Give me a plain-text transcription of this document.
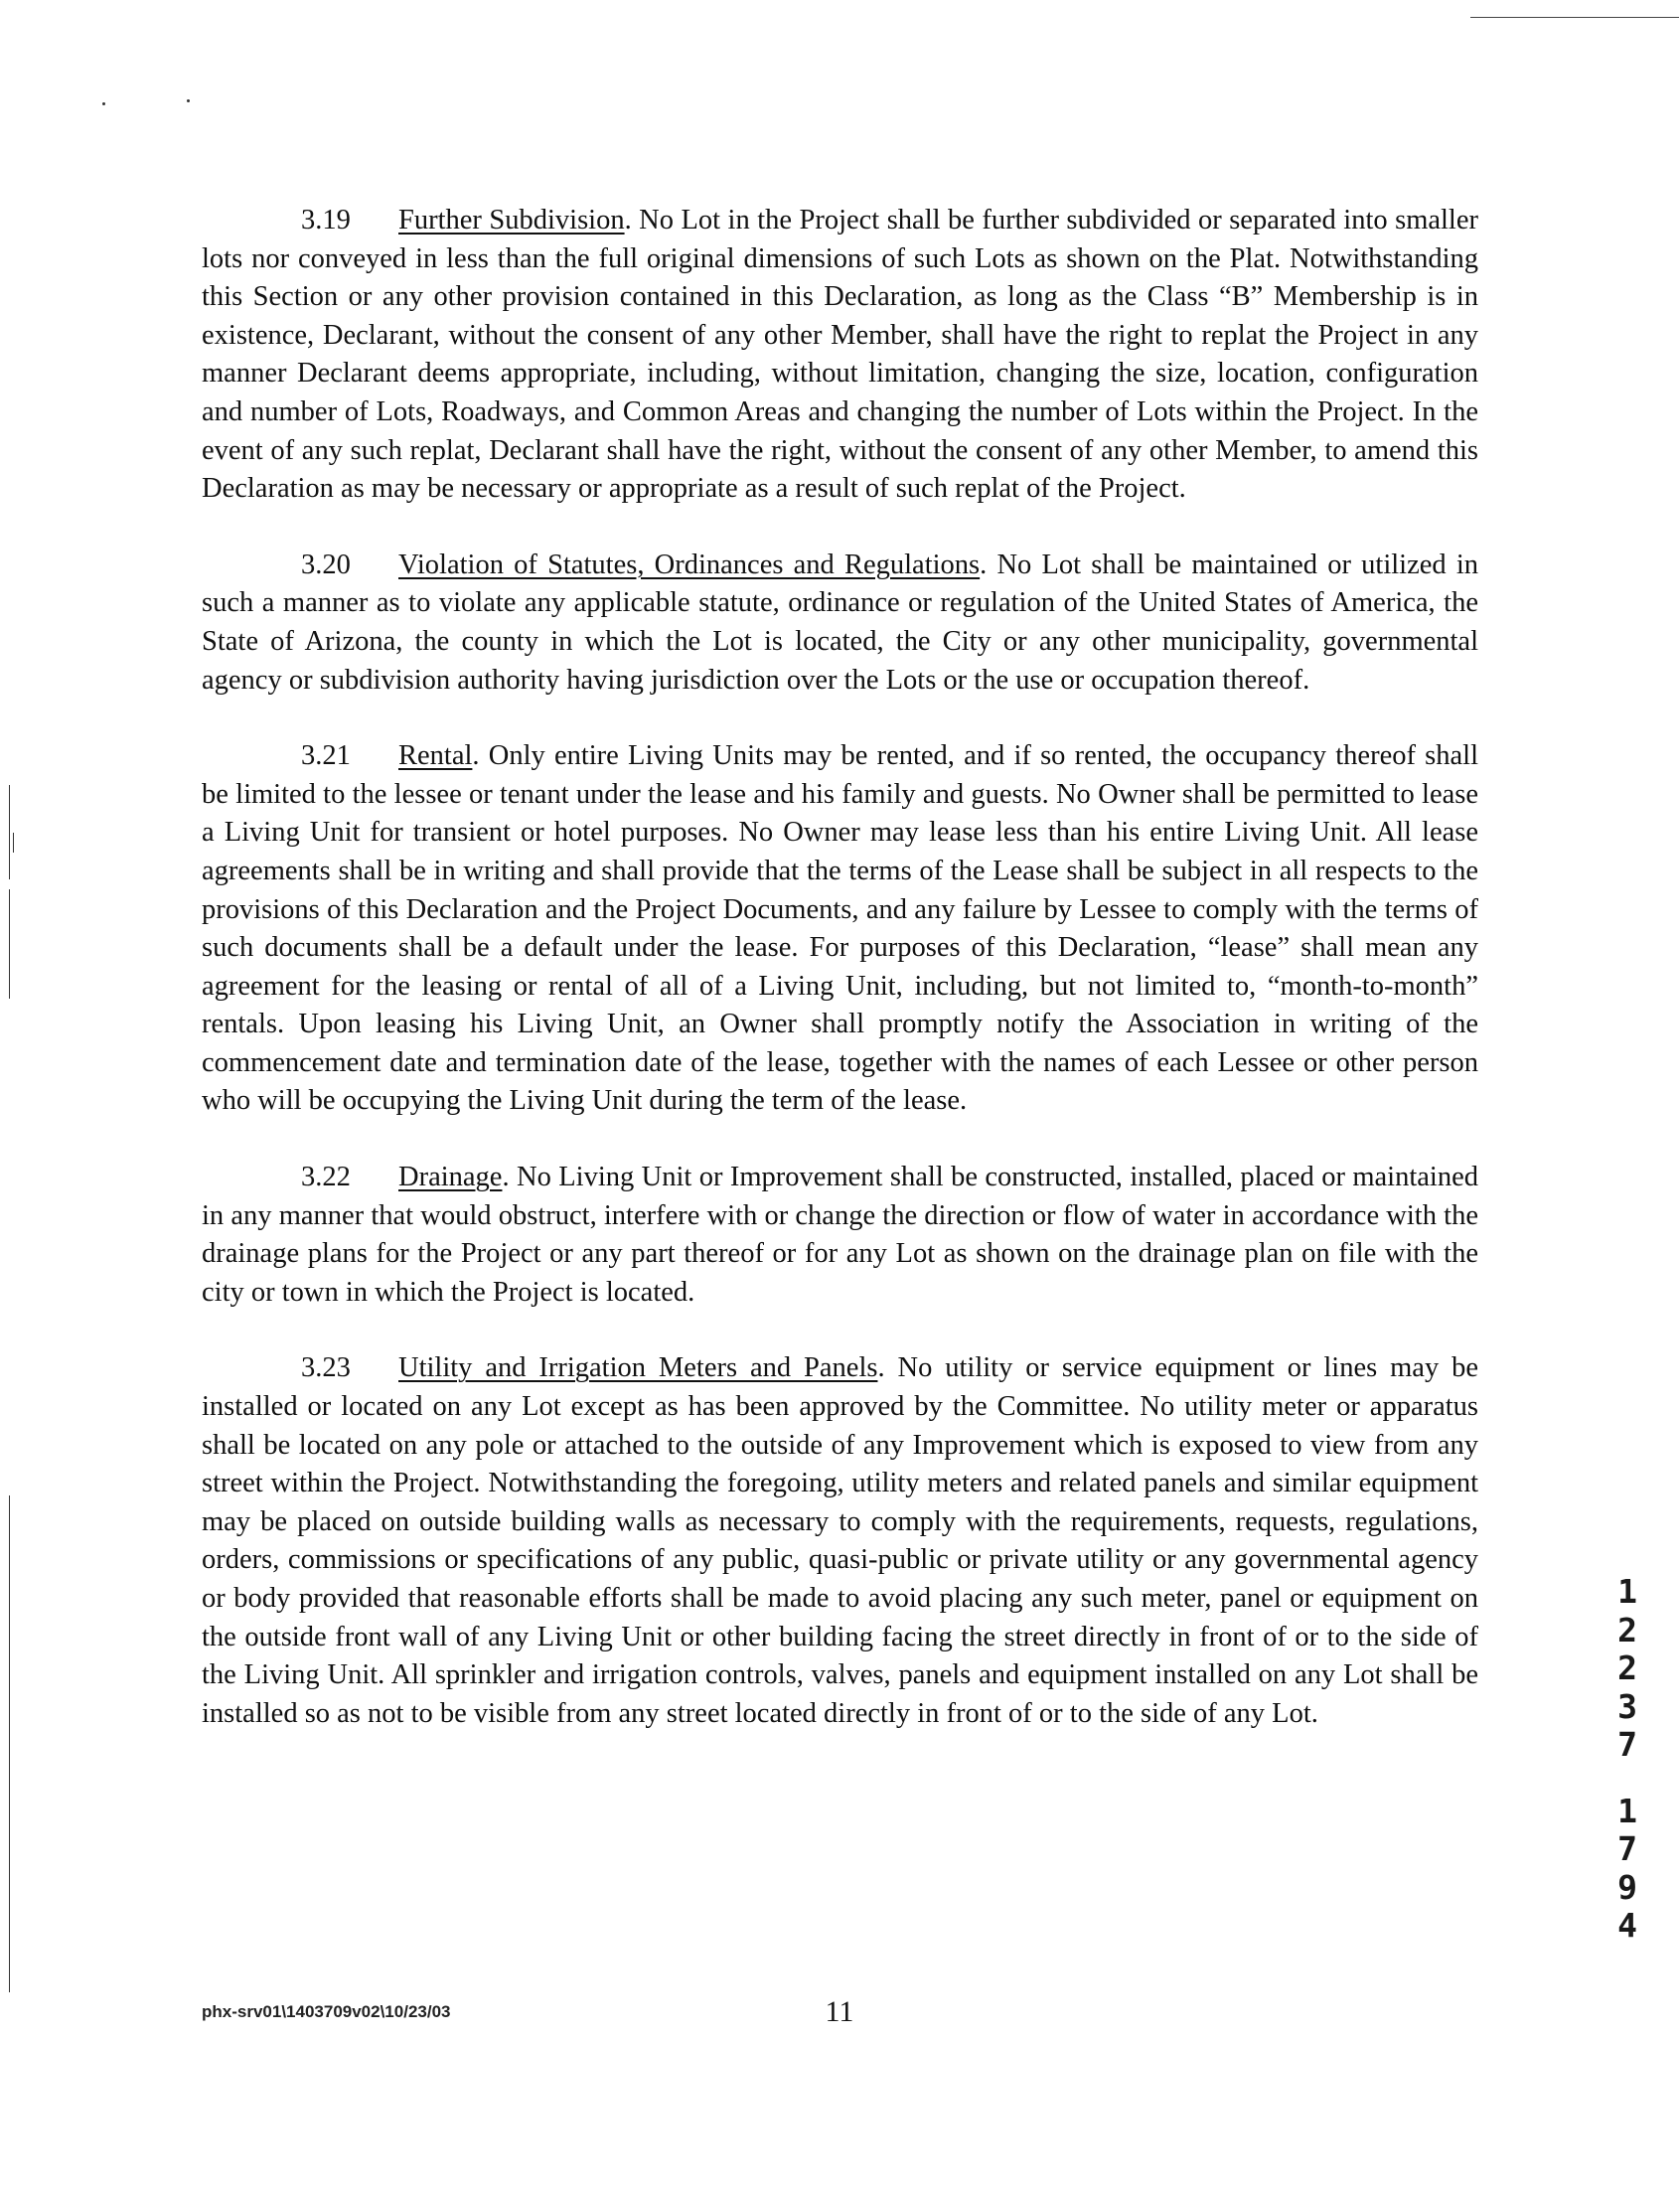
3.19 Further Subdivision. No Lot in the Project shall be further subdivided or separated into smaller lots nor conveyed in less than the full original dimensions of such Lots as shown on the Plat. Notwithstanding this Section or any other provision contained in this Declaration, as long as the Class “B” Membership is in existence, Declarant, without the consent of any other Member, shall have the right to replat the Project in any manner Declarant deems appropriate, including, without limitation, changing the size, location, configuration and number of Lots, Roadways, and Common Areas and changing the number of Lots within the Project. In the event of any such replat, Declarant shall have the right, without the consent of any other Member, to amend this Declaration as may be necessary or appropriate as a result of such replat of the Project.

3.20 Violation of Statutes, Ordinances and Regulations. No Lot shall be maintained or utilized in such a manner as to violate any applicable statute, ordinance or regulation of the United States of America, the State of Arizona, the county in which the Lot is located, the City or any other municipality, governmental agency or subdivision authority having jurisdiction over the Lots or the use or occupation thereof.

3.21 Rental. Only entire Living Units may be rented, and if so rented, the occupancy thereof shall be limited to the lessee or tenant under the lease and his family and guests. No Owner shall be permitted to lease a Living Unit for transient or hotel purposes. No Owner may lease less than his entire Living Unit. All lease agreements shall be in writing and shall provide that the terms of the Lease shall be subject in all respects to the provisions of this Declaration and the Project Documents, and any failure by Lessee to comply with the terms of such documents shall be a default under the lease. For purposes of this Declaration, “lease” shall mean any agreement for the leasing or rental of all of a Living Unit, including, but not limited to, “month-to-month” rentals. Upon leasing his Living Unit, an Owner shall promptly notify the Association in writing of the commencement date and termination date of the lease, together with the names of each Lessee or other person who will be occupying the Living Unit during the term of the lease.

3.22 Drainage. No Living Unit or Improvement shall be constructed, installed, placed or maintained in any manner that would obstruct, interfere with or change the direction or flow of water in accordance with the drainage plans for the Project or any part thereof or for any Lot as shown on the drainage plan on file with the city or town in which the Project is located.

3.23 Utility and Irrigation Meters and Panels. No utility or service equipment or lines may be installed or located on any Lot except as has been approved by the Committee. No utility meter or apparatus shall be located on any pole or attached to the outside of any Improvement which is exposed to view from any street within the Project. Notwithstanding the foregoing, utility meters and related panels and similar equipment may be placed on outside building walls as necessary to comply with the requirements, requests, regulations, orders, commissions or specifications of any public, quasi-public or private utility or any governmental agency or body provided that reasonable efforts shall be made to avoid placing any such meter, panel or equipment on the outside front wall of any Living Unit or other building facing the street directly in front of or to the side of the Living Unit. All sprinkler and irrigation controls, valves, panels and equipment installed on any Lot shall be installed so as not to be visible from any street located directly in front of or to the side of any Lot.

1
2
2
3
7
1
7
9
4
phx-srv01\1403709v02\10/23/03	11
